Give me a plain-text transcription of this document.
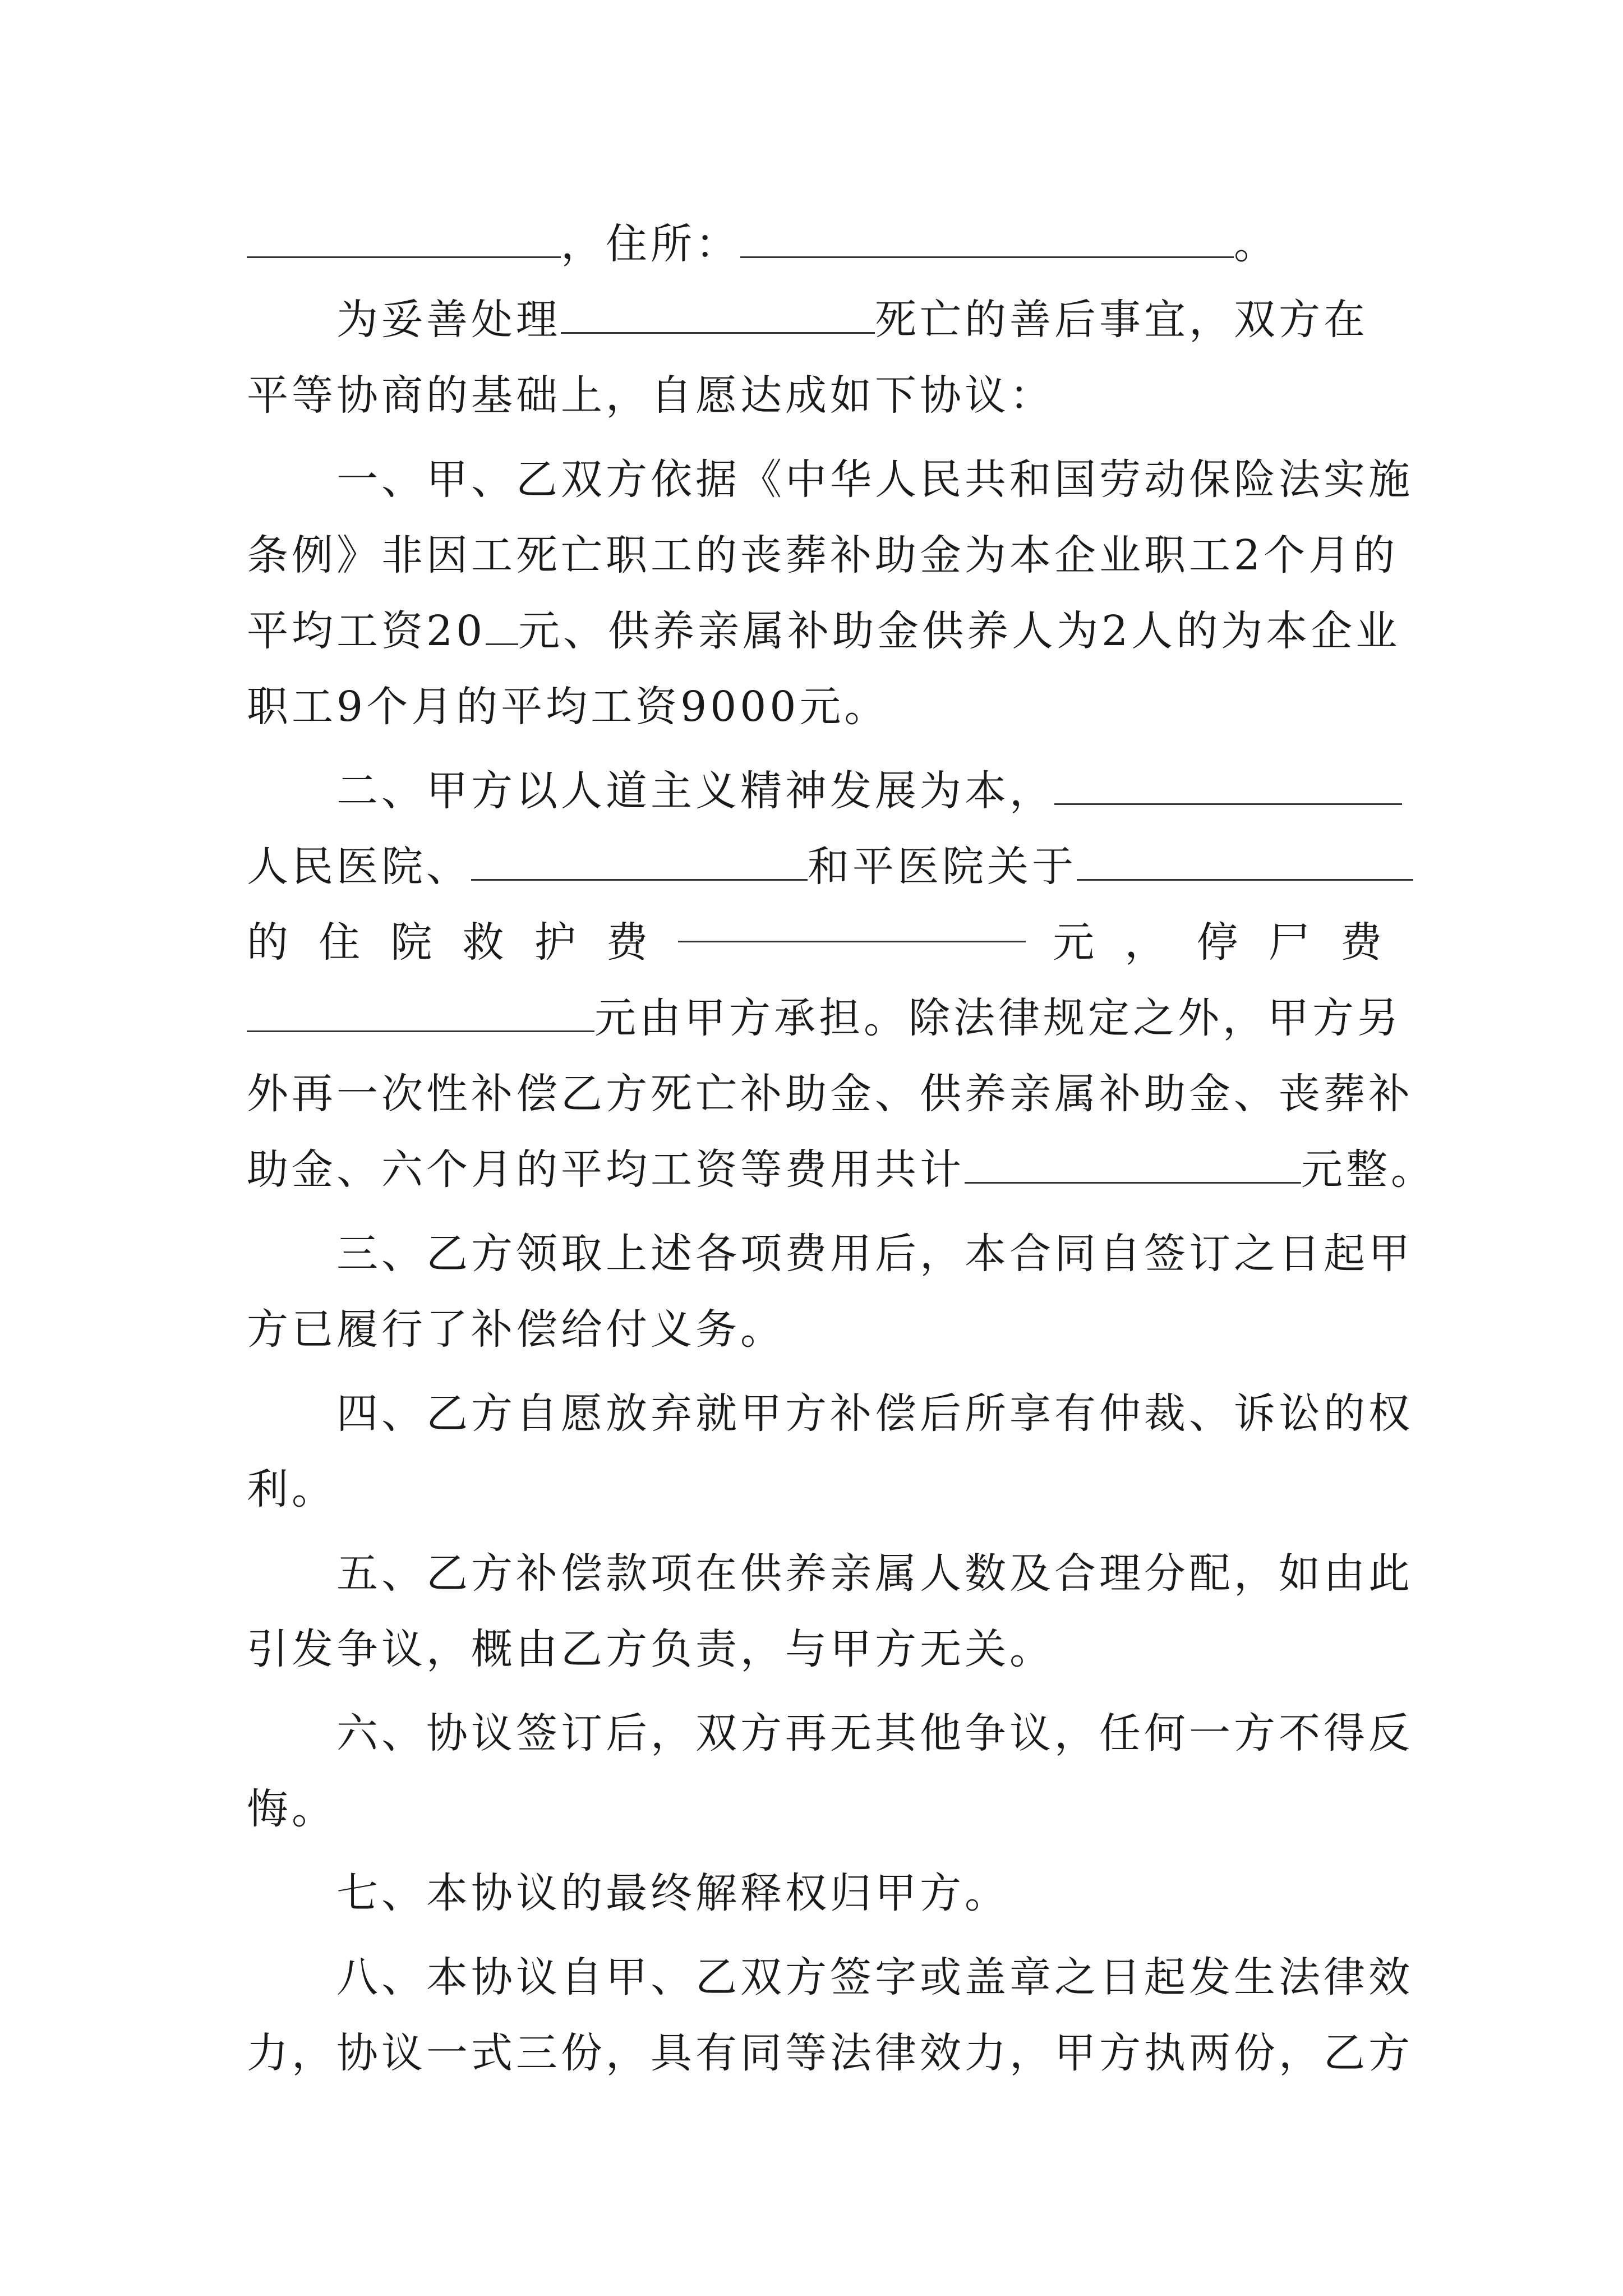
，住所：	。
为妥善处理	死亡的善后事宜，双方在
平等协商的基础上，自愿达成如下协议：
一、甲、乙双方依据《中华人民共和国劳动保险法实施
条例》非因工死亡职工的丧葬补助金为本企业职工2个月的
平均工资20 元、供养亲属补助金供养人为2人的为本企业
职工9个月的平均工资9000元。
二、甲方以人道主义精神发展为本，
人民医院、	和平医院关于
的 住 院 救 护 费	元 ， 停 尸 费
元由甲方承担。除法律规定之外，甲方另
外再一次性补偿乙方死亡补助金、供养亲属补助金、丧葬补
助金、六个月的平均工资等费用共计	元整。
三、乙方领取上述各项费用后，本合同自签订之日起甲
方已履行了补偿给付义务。
四、乙方自愿放弃就甲方补偿后所享有仲裁、诉讼的权
利。
五、乙方补偿款项在供养亲属人数及合理分配，如由此
引发争议，概由乙方负责，与甲方无关。
六、协议签订后，双方再无其他争议，任何一方不得反
悔。
七、本协议的最终解释权归甲方。
八、本协议自甲、乙双方签字或盖章之日起发生法律效
力，协议一式三份，具有同等法律效力，甲方执两份，乙方
